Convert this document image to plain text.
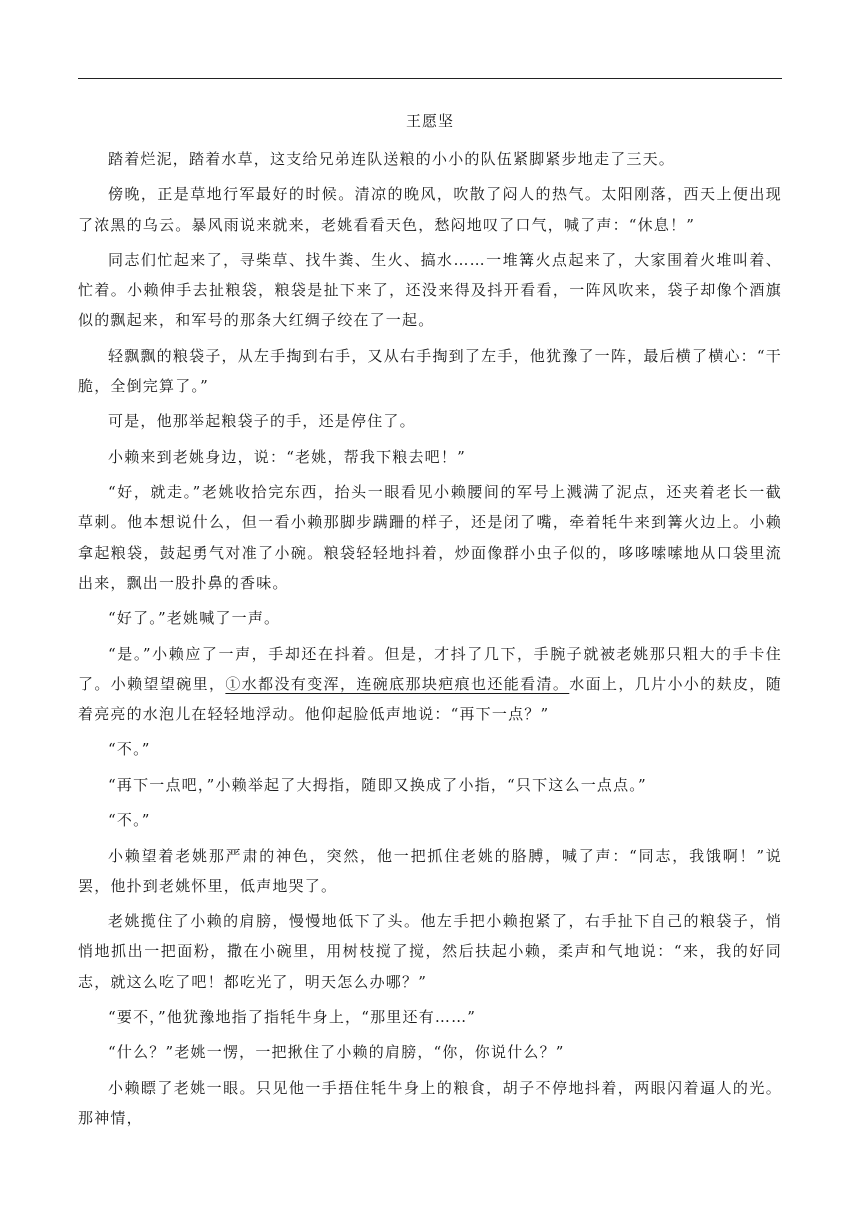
王愿坚

踏着烂泥，踏着水草，这支给兄弟连队送粮的小小的队伍紧脚紧步地走了三天。

傍晚，正是草地行军最好的时候。清凉的晚风，吹散了闷人的热气。太阳刚落，西天上便出现了浓黑的乌云。暴风雨说来就来，老姚看看天色，愁闷地叹了口气，喊了声：“休息！”

同志们忙起来了，寻柴草、找牛粪、生火、搞水……一堆篝火点起来了，大家围着火堆叫着、忙着。小赖伸手去扯粮袋，粮袋是扯下来了，还没来得及抖开看看，一阵风吹来，袋子却像个酒旗似的飘起来，和军号的那条大红绸子绞在了一起。

轻飘飘的粮袋子，从左手掏到右手，又从右手掏到了左手，他犹豫了一阵，最后横了横心：“干脆，全倒完算了。”

可是，他那举起粮袋子的手，还是停住了。

小赖来到老姚身边，说：“老姚，帮我下粮去吧！”

“好，就走。”老姚收拾完东西，抬头一眼看见小赖腰间的军号上溅满了泥点，还夹着老长一截草刺。他本想说什么，但一看小赖那脚步蹒跚的样子，还是闭了嘴，牵着牦牛来到篝火边上。小赖拿起粮袋，鼓起勇气对准了小碗。粮袋轻轻地抖着，炒面像群小虫子似的，哆哆嗦嗦地从口袋里流出来，飘出一股扑鼻的香味。

“好了。”老姚喊了一声。

“是。”小赖应了一声，手却还在抖着。但是，才抖了几下，手腕子就被老姚那只粗大的手卡住了。小赖望望碗里，①水都没有变浑，连碗底那块疤痕也还能看清。水面上，几片小小的麸皮，随着亮亮的水泡儿在轻轻地浮动。他仰起脸低声地说：“再下一点？”

“不。”

“再下一点吧，”小赖举起了大拇指，随即又换成了小指，“只下这么一点点。”

“不。”

小赖望着老姚那严肃的神色，突然，他一把抓住老姚的胳膊，喊了声：“同志，我饿啊！”说罢，他扑到老姚怀里，低声地哭了。

老姚揽住了小赖的肩膀，慢慢地低下了头。他左手把小赖抱紧了，右手扯下自己的粮袋子，悄悄地抓出一把面粉，撒在小碗里，用树枝搅了搅，然后扶起小赖，柔声和气地说：“来，我的好同志，就这么吃了吧！都吃光了，明天怎么办哪？”

“要不，”他犹豫地指了指牦牛身上，“那里还有……”

“什么？”老姚一愣，一把揪住了小赖的肩膀，“你，你说什么？”

小赖瞟了老姚一眼。只见他一手捂住牦牛身上的粮食，胡子不停地抖着，两眼闪着逼人的光。那神情，
